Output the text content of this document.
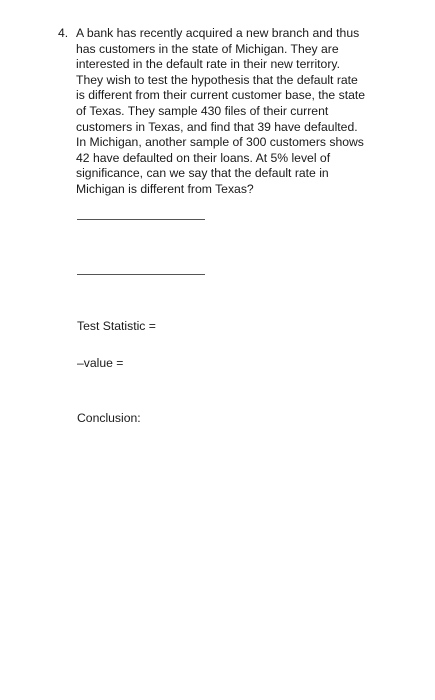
4. A bank has recently acquired a new branch and thus
has customers in the state of Michigan. They are
interested in the default rate in their new territory.
They wish to test the hypothesis that the default rate
is different from their current customer base, the state
of Texas. They sample 430 files of their current
customers in Texas, and find that 39 have defaulted.
In Michigan, another sample of 300 customers shows
42 have defaulted on their loans. At 5% level of
significance, can we say that the default rate in
Michigan is different from Texas?
Test Statistic =
–value =
Conclusion:
